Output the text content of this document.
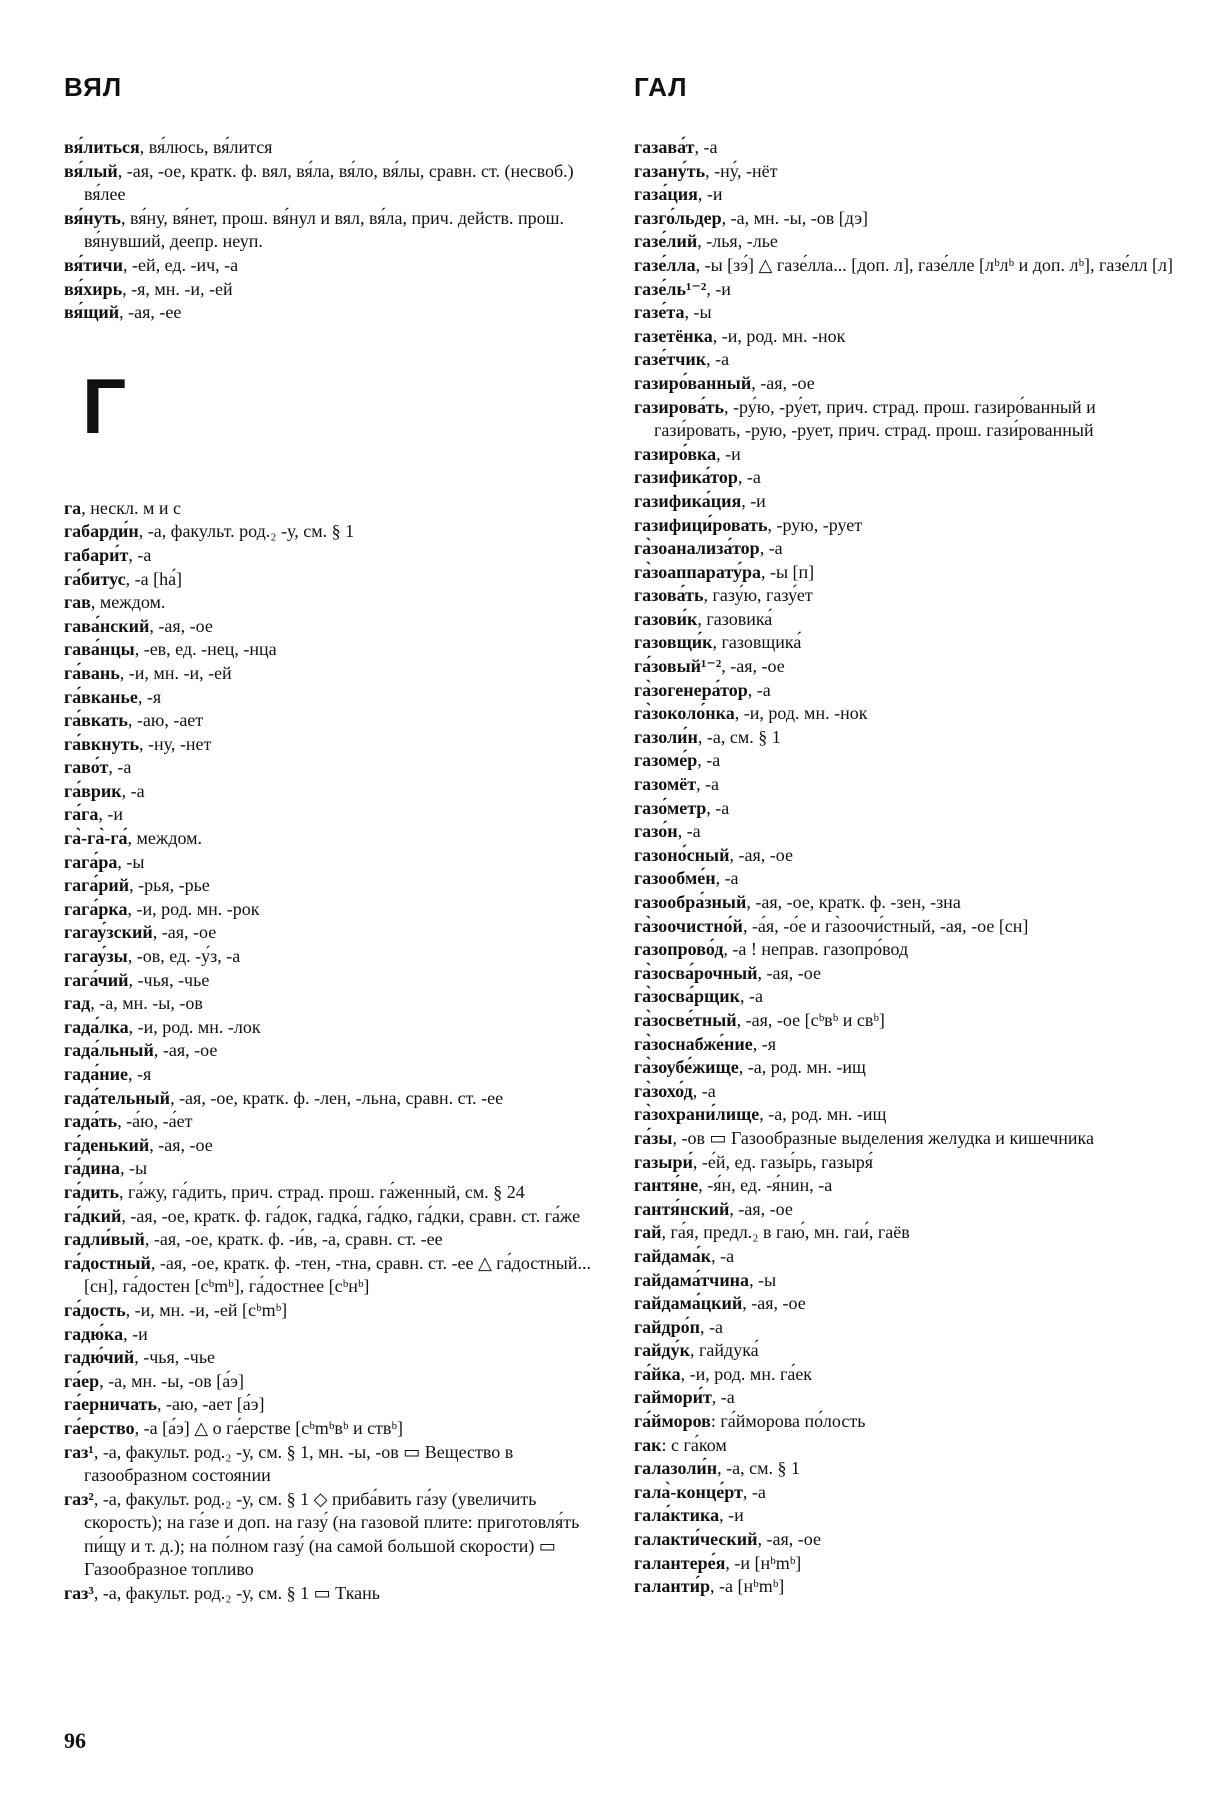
ВЯЛ

вя́литься, вя́люсь, вя́лится

вя́лый, -ая, -ое, кратк. ф. вял, вя́ла, вя́ло, вя́лы, сравн. ст. (несвоб.) вя́лее

вя́нуть, вя́ну, вя́нет, прош. вя́нул и вял, вя́ла, прич. действ. прош. вя́нувший, деепр. неуп.

вя́тичи, -ей, ед. -ич, -а

вя́хирь, -я, мн. -и, -ей

вя́щий, -ая, -ее

Г

га, нескл. м и с

габарди́н, -а, факульт. род.₂ -у, см. § 1

габари́т, -а

га́битус, -а [hа́]

гав, междом.

гава́нский, -ая, -ое

гава́нцы, -ев, ед. -нец, -нца

га́вань, -и, мн. -и, -ей

га́вканье, -я

га́вкать, -аю, -ает

га́вкнуть, -ну, -нет

гаво́т, -а

га́врик, -а

га́га, -и

га̀-га̀-га́, междом.

гага́ра, -ы

гага́рий, -рья, -рье

гага́рка, -и, род. мн. -рок

гагау́зский, -ая, -ое

гагау́зы, -ов, ед. -у́з, -а

гага́чий, -чья, -чье

гад, -а, мн. -ы, -ов

гада́лка, -и, род. мн. -лок

гада́льный, -ая, -ое

гада́ние, -я

гада́тельный, -ая, -ое, кратк. ф. -лен, -льна, сравн. ст. -ее

гада́ть, -а́ю, -а́ет

га́денький, -ая, -ое

га́дина, -ы

га́дить, га́жу, га́дить, прич. страд. прош. га́женный, см. § 24

га́дкий, -ая, -ое, кратк. ф. га́док, гадка́, га́дко, га́дки, сравн. ст. га́же

гадли́вый, -ая, -ое, кратк. ф. -и́в, -а, сравн. ст. -ее

га́достный, -ая, -ое, кратк. ф. -тен, -тна, сравн. ст. -ее △ га́достный... [сн], га́достен [cᵇmᵇ], га́достнее [cᵇнᵇ]

га́дость, -и, мн. -и, -ей [cᵇmᵇ]

гадю́ка, -и

гадю́чий, -чья, -чье

га́ер, -а, мн. -ы, -ов [а́э]

га́ерничать, -аю, -ает [а́э]

га́ерство, -а [а́э] △ о га́ерстве [cᵇmᵇвᵇ и ствᵇ]

газ¹, -а, факульт. род.₂ -у, см. § 1, мн. -ы, -ов ▭ Вещество в газообразном состоянии

газ², -а, факульт. род.₂ -у, см. § 1 ◇ приба́вить га́зу (увеличить скорость); на га́зе и доп. на газу́ (на газовой плите: приготовля́ть пи́щу и т. д.); на по́лном газу́ (на самой большой скорости) ▭ Газообразное топливо

газ³, -а, факульт. род.₂ -у, см. § 1 ▭ Ткань

ГАЛ

газава́т, -а

газану́ть, -ну́, -нёт

газа́ция, -и

газго́льдер, -а, мн. -ы, -ов [дэ]

газе́лий, -лья, -лье

газе́лла, -ы [зэ́] △ газе́лла... [доп. л], газе́лле [лᵇлᵇ и доп. лᵇ], газе́лл [л]

газе́ль¹⁻², -и

газе́та, -ы

газетёнка, -и, род. мн. -нок

газе́тчик, -а

газиро́ванный, -ая, -ое

газирова́ть, -ру́ю, -ру́ет, прич. страд. прош. газиро́ванный и гази́ровать, -рую, -рует, прич. страд. прош. гази́рованный

газиро́вка, -и

газифика́тор, -а

газифика́ция, -и

газифици́ровать, -рую, -рует

га̀зоанализа́тор, -а

га̀зоаппарату́ра, -ы [п]

газова́ть, газу́ю, газу́ет

газови́к, газовика́

газовщи́к, газовщика́

га́зовый¹⁻², -ая, -ое

га̀зогенера́тор, -а

га̀зоколо́нка, -и, род. мн. -нок

газоли́н, -а, см. § 1

газоме́р, -а

газомёт, -а

газо́метр, -а

газо́н, -а

газоно́сный, -ая, -ое

газообме́н, -а

газообра́зный, -ая, -ое, кратк. ф. -зен, -зна

га̀зоочистно́й, -а́я, -о́е и га̀зоочи́стный, -ая, -ое [сн]

газопрово́д, -а ! неправ. газопро́вод

га̀зосва́рочный, -ая, -ое

га̀зосва́рщик, -а

га̀зосве́тный, -ая, -ое [cᵇвᵇ и свᵇ]

га̀зоснабже́ние, -я

га̀зоубе́жище, -а, род. мн. -ищ

га̀зохо́д, -а

га̀зохрани́лище, -а, род. мн. -ищ

га́зы, -ов ▭ Газообразные выделения желудка и кишечника

газыри́, -е́й, ед. газы́рь, газыря́

гантя́не, -я́н, ед. -я́нин, -а

гантя́нский, -ая, -ое

гай, га́я, предл.₂ в гаю́, мн. гаи́, гаёв

гайдама́к, -а

гайдама́тчина, -ы

гайдама́цкий, -ая, -ое

гайдро́п, -а

гайду́к, гайдука́

га́йка, -и, род. мн. га́ек

гаймори́т, -а

га́йморов: га́йморова по́лость

гак: с га́ком

галазоли́н, -а, см. § 1

гала̀-конце́рт, -а

гала́ктика, -и

галакти́ческий, -ая, -ое

галантере́я, -и [нᵇmᵇ]

галанти́р, -а [нᵇmᵇ]

96
